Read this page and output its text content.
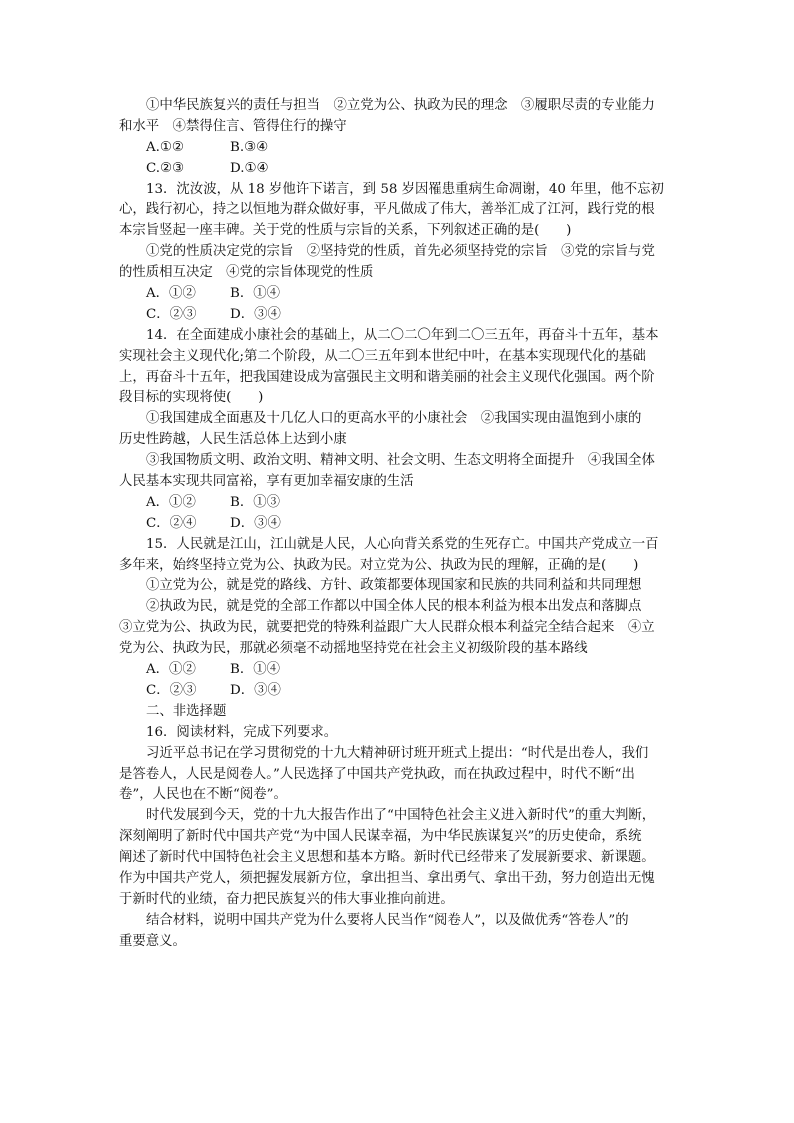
①中华民族复兴的责任与担当　②立党为公、执政为民的理念　③履职尽责的专业能力
和水平　④禁得住言、管得住行的操守
A.①②	B.③④
C.②③	D.①④
13．沈汝波，从 18 岁他许下诺言，到 58 岁因罹患重病生命凋谢，40 年里，他不忘初
心，践行初心，持之以恒地为群众做好事，平凡做成了伟大，善举汇成了江河，践行党的根
本宗旨竖起一座丰碑。关于党的性质与宗旨的关系，下列叙述正确的是(　　)
①党的性质决定党的宗旨　②坚持党的性质，首先必须坚持党的宗旨　③党的宗旨与党
的性质相互决定　④党的宗旨体现党的性质
A．①②	B．①④
C．②③	D．③④
14．在全面建成小康社会的基础上，从二〇二〇年到二〇三五年，再奋斗十五年，基本
实现社会主义现代化;第二个阶段，从二〇三五年到本世纪中叶，在基本实现现代化的基础
上，再奋斗十五年，把我国建设成为富强民主文明和谐美丽的社会主义现代化强国。两个阶
段目标的实现将使(　　)
①我国建成全面惠及十几亿人口的更高水平的小康社会　②我国实现由温饱到小康的
历史性跨越，人民生活总体上达到小康
③我国物质文明、政治文明、精神文明、社会文明、生态文明将全面提升　④我国全体
人民基本实现共同富裕，享有更加幸福安康的生活
A．①②	B．①③
C．②④	D．③④
15．人民就是江山，江山就是人民，人心向背关系党的生死存亡。中国共产党成立一百
多年来，始终坚持立党为公、执政为民。对立党为公、执政为民的理解，正确的是(　　)
①立党为公，就是党的路线、方针、政策都要体现国家和民族的共同利益和共同理想
②执政为民，就是党的全部工作都以中国全体人民的根本利益为根本出发点和落脚点
③立党为公、执政为民，就要把党的特殊利益跟广大人民群众根本利益完全结合起来　④立
党为公、执政为民，那就必须毫不动摇地坚持党在社会主义初级阶段的基本路线
A．①②	B．①④
C．②③	D．③④
二、非选择题
16．阅读材料，完成下列要求。
习近平总书记在学习贯彻党的十九大精神研讨班开班式上提出：“时代是出卷人，我们
是答卷人，人民是阅卷人。”人民选择了中国共产党执政，而在执政过程中，时代不断“出
卷”，人民也在不断“阅卷”。
时代发展到今天，党的十九大报告作出了“中国特色社会主义进入新时代”的重大判断，
深刻阐明了新时代中国共产党“为中国人民谋幸福，为中华民族谋复兴”的历史使命，系统
阐述了新时代中国特色社会主义思想和基本方略。新时代已经带来了发展新要求、新课题。
作为中国共产党人，须把握发展新方位，拿出担当、拿出勇气、拿出干劲，努力创造出无愧
于新时代的业绩，奋力把民族复兴的伟大事业推向前进。
结合材料，说明中国共产党为什么要将人民当作“阅卷人”，以及做优秀“答卷人”的
重要意义。
